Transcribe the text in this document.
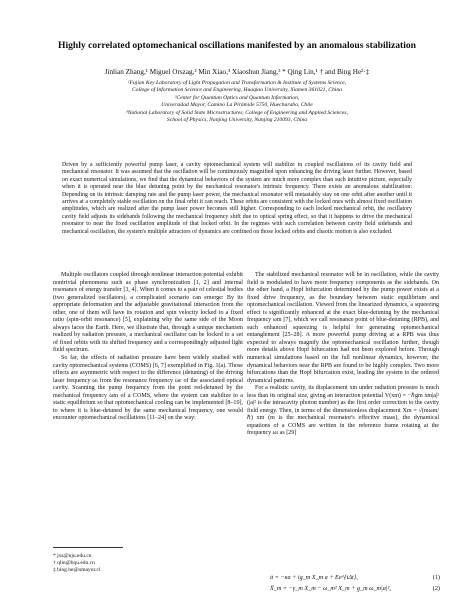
Highly correlated optomechanical oscillations manifested by an anomalous stabilization
Jinlian Zhang,¹ Miguel Orszag,² Min Xiao,³ Xiaoshun Jiang,³ * Qing Lin,¹ † and Bing He²·‡
¹Fujian Key Laboratory of Light Propagation and Transformation & Institute of Systems Science,
College of Information Science and Engineering, Huaqiao University, Xiamen 361021, China
²Center for Quantum Optics and Quantum Information,
Universidad Mayor, Camino La Pirámide 5750, Huechuraba, Chile
³National Laboratory of Solid State Microstructures, College of Engineering and Applied Sciences,
School of Physics, Nanjing University, Nanjing 210093, China
Driven by a sufficiently powerful pump laser, a cavity optomechanical system will stabilize in coupled oscillations of its cavity field and mechanical resonator. It was assumed that the oscillation will be continuously magnified upon enhancing the driving laser further. However, based on exact numerical simulations, we find that the dynamical behaviors of the system are much more complex than such intuitive picture, especially when it is operated near the blue detuning point by the mechanical resonator's intrinsic frequency. There exists an anomalous stabilization: Depending on its intrinsic damping rate and the pump laser power, the mechanical resonator will metastably stay on one orbit after another until it arrives at a completely stable oscillation on the final orbit it can reach. These orbits are consistent with the locked ones with almost fixed oscillation amplitudes, which are realized after the pump laser power becomes still higher. Corresponding to each locked mechanical orbit, the oscillatory cavity field adjusts its sidebands following the mechanical frequency shift due to optical spring effect, so that it happens to drive the mechanical resonator to near the fixed oscillation amplitude of that locked orbit. In the regimes with such correlation between cavity field sidebands and mechanical oscillation, the system's multiple attractors of dynamics are confined on those locked orbits and chaotic motion is also excluded.

Multiple oscillators coupled through nonlinear interaction potential exhibit nontrivial phenomena such as phase synchronization [1, 2] and internal resonance of energy transfer [3, 4]. When it comes to a pair of celestial bodies (two generalized oscillators), a complicated scenario can emerge: By its appropriate deformation and the adjustable gravitational interaction from the other, one of them will have its rotation and spin velocity locked to a fixed ratio (spin-orbit resonance) [5], explaining why the same side of the Moon always faces the Earth. Here, we illustrate that, through a unique mechanism realized by radiation pressure, a mechanical oscillator can be locked to a set of fixed orbits with its shifted frequency and a correspondingly adjusted light field spectrum.

So far, the effects of radiation pressure have been widely studied with cavity optomechanical systems (COMS) [6, 7] exemplified in Fig. 1(a). Those effects are asymmetric with respect to the difference (detuning) of the driving laser frequency ωₗ from the resonance frequency ωc of the associated optical cavity. Scanning the pump frequency from the point red-detuned by the mechanical frequency ωm of a COMS, where the system can stabilize to a static equilibrium so that optomechanical cooling can be implemented [8–10], to where it is blue-detuned by the same mechanical frequency, one would encounter optomechanical oscillations [11–24] on the way:

The stabilized mechanical resonator will be in oscillation, while the cavity field is modulated to have more frequency components as the sidebands. On the other hand, a Hopf bifurcation determined by the pump power exists at a fixed drive frequency, as the boundary between static equilibrium and optomechanical oscillation. Viewed from the linearized dynamics, a squeezing effect is significantly enhanced at the exact blue-detuning by the mechanical frequency ωm [7], which we call resonance point of blue-detuning (RPB), and such enhanced squeezing is helpful for generating optomechanical entanglement [25–28]. A more powerful pump driving at a RPB was thus expected to always magnify the optomechanical oscillation further, though more details above Hopf bifurcation had not been explored before. Through numerical simulations based on the full nonlinear dynamics, however, the dynamical behaviors near the RPB are found to be highly complex. Two more bifurcations than the Hopf bifurcation exist, leading the system to the ordered dynamical patterns.

For a realistic cavity, its displacement xm under radiation pressure is much less than its original size, giving an interaction potential V(xm) = −ℏgm xm|a|² (|a|² is the intracavity photon number) as the first order correction to the cavity field energy. Then, in terms of the dimensionless displacement Xm = √(mωm/ℏ) xm (m is the mechanical resonator's effective mass), the dynamical equations of a COMS are written in the reference frame rotating at the frequency ωₗ as [29]

ȧ = −κa + ig_m X_m a + Ee^{iΔt},	(1)
Ẍ_m = −γ_m Ẋ_m − ω_m² X_m + g_m ω_m|a|²,	(2)
* jxs@nju.edu.cn
† qlin@hqu.edu.cn
‡ bing.he@umayor.cl
